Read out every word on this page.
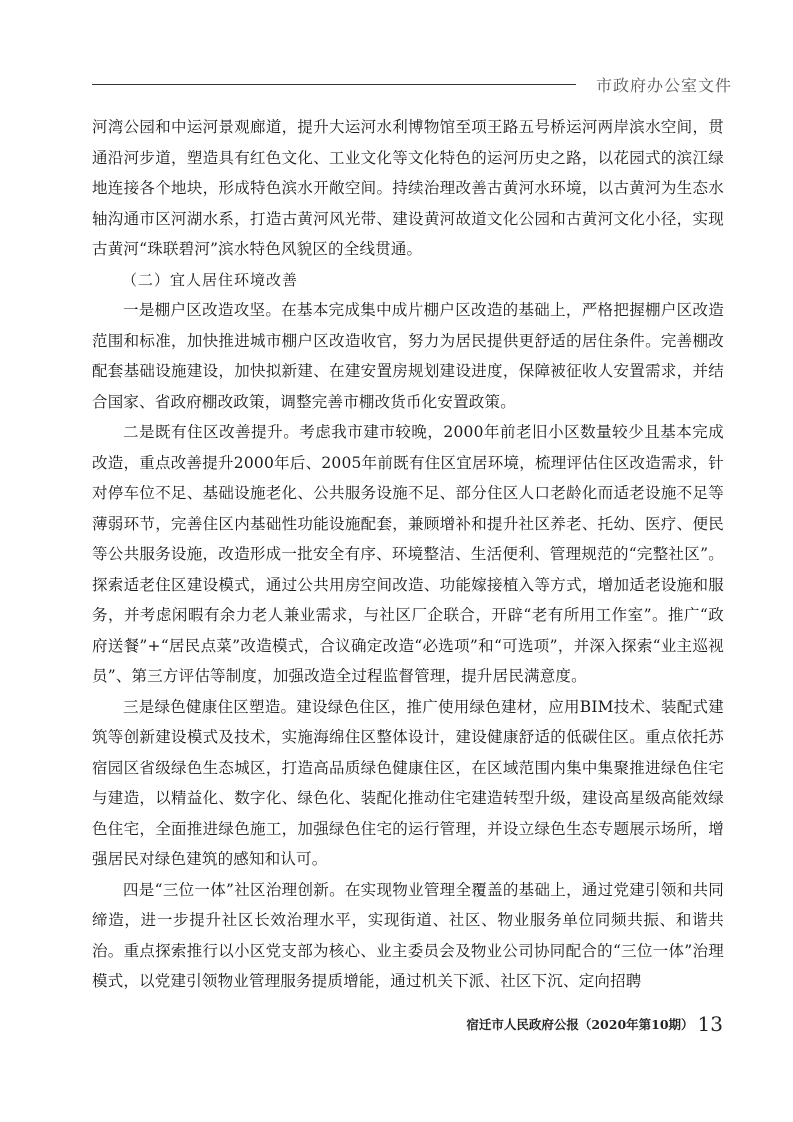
市政府办公室文件

河湾公园和中运河景观廊道，提升大运河水利博物馆至项王路五号桥运河两岸滨水空间，贯通沿河步道，塑造具有红色文化、工业文化等文化特色的运河历史之路，以花园式的滨江绿地连接各个地块，形成特色滨水开敞空间。持续治理改善古黄河水环境，以古黄河为生态水轴沟通市区河湖水系，打造古黄河风光带、建设黄河故道文化公园和古黄河文化小径，实现古黄河“珠联碧河”滨水特色风貌区的全线贯通。

（二）宜人居住环境改善

一是棚户区改造攻坚。在基本完成集中成片棚户区改造的基础上，严格把握棚户区改造范围和标准，加快推进城市棚户区改造收官，努力为居民提供更舒适的居住条件。完善棚改配套基础设施建设，加快拟新建、在建安置房规划建设进度，保障被征收人安置需求，并结合国家、省政府棚改政策，调整完善市棚改货币化安置政策。

二是既有住区改善提升。考虑我市建市较晚，2000年前老旧小区数量较少且基本完成改造，重点改善提升2000年后、2005年前既有住区宜居环境，梳理评估住区改造需求，针对停车位不足、基础设施老化、公共服务设施不足、部分住区人口老龄化而适老设施不足等薄弱环节，完善住区内基础性功能设施配套，兼顾增补和提升社区养老、托幼、医疗、便民等公共服务设施，改造形成一批安全有序、环境整洁、生活便利、管理规范的“完整社区”。探索适老住区建设模式，通过公共用房空间改造、功能嫁接植入等方式，增加适老设施和服务，并考虑闲暇有余力老人兼业需求，与社区厂企联合，开辟“老有所用工作室”。推广“政府送餐”+“居民点菜”改造模式，合议确定改造“必选项”和“可选项”，并深入探索“业主巡视员”、第三方评估等制度，加强改造全过程监督管理，提升居民满意度。

三是绿色健康住区塑造。建设绿色住区，推广使用绿色建材，应用BIM技术、装配式建筑等创新建设模式及技术，实施海绵住区整体设计，建设健康舒适的低碳住区。重点依托苏宿园区省级绿色生态城区，打造高品质绿色健康住区，在区域范围内集中集聚推进绿色住宅与建造，以精益化、数字化、绿色化、装配化推动住宅建造转型升级，建设高星级高能效绿色住宅，全面推进绿色施工，加强绿色住宅的运行管理，并设立绿色生态专题展示场所，增强居民对绿色建筑的感知和认可。

四是“三位一体”社区治理创新。在实现物业管理全覆盖的基础上，通过党建引领和共同缔造，进一步提升社区长效治理水平，实现街道、社区、物业服务单位同频共振、和谐共治。重点探索推行以小区党支部为核心、业主委员会及物业公司协同配合的“三位一体”治理模式，以党建引领物业管理服务提质增能，通过机关下派、社区下沉、定向招聘

宿迁市人民政府公报（2020年第10期） 13
